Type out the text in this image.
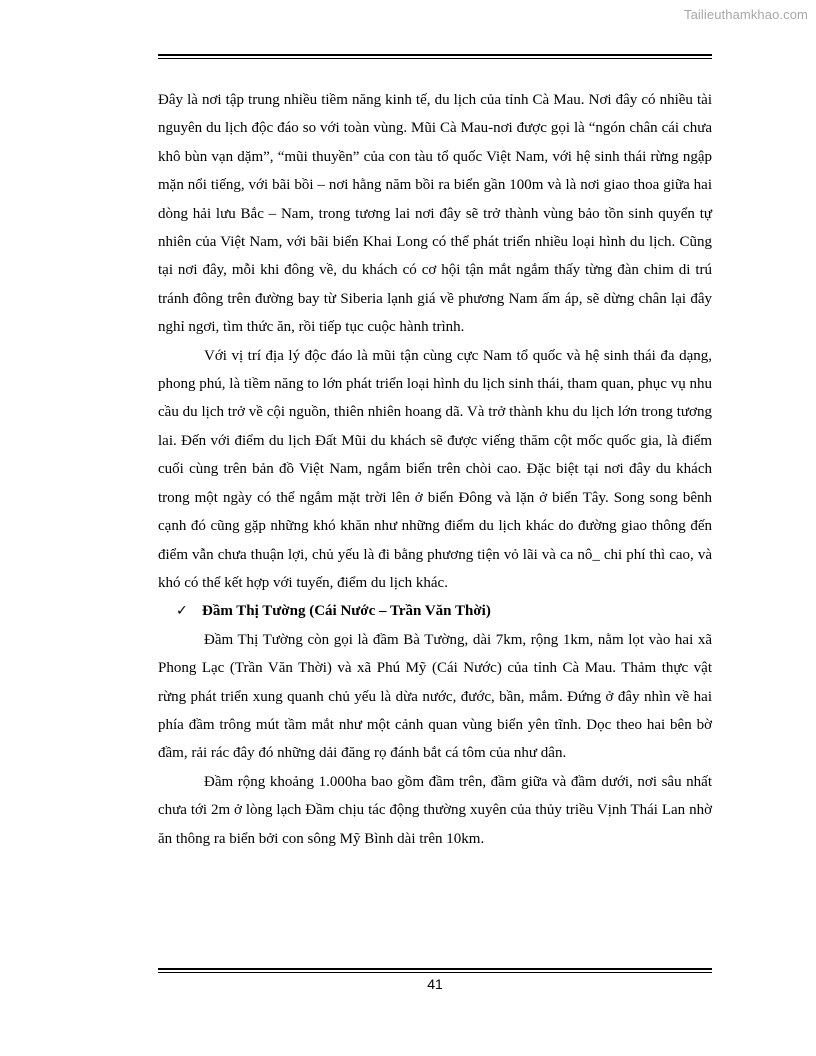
Tailieuthamkhao.com

Đây là nơi tập trung nhiều tiềm năng kinh tế, du lịch của tỉnh Cà Mau. Nơi đây có nhiều tài nguyên du lịch độc đáo so với toàn vùng. Mũi Cà Mau-nơi được gọi là “ngón chân cái chưa khô bùn vạn dặm”, “mũi thuyền” của con tàu tổ quốc Việt Nam, với hệ sinh thái rừng ngập mặn nổi tiếng, với bãi bồi – nơi hằng năm bồi ra biển gần 100m và là nơi giao thoa giữa hai dòng hải lưu Bắc – Nam, trong tương lai nơi đây sẽ trở thành vùng bảo tồn sinh quyển tự nhiên của Việt Nam, với bãi biển Khai Long có thể phát triển nhiều loại hình du lịch. Cũng tại nơi đây, mỗi khi đông về, du khách có cơ hội tận mắt ngắm thấy từng đàn chim di trú tránh đông trên đường bay từ Siberia lạnh giá về phương Nam ấm áp, sẽ dừng chân lại đây nghỉ ngơi, tìm thức ăn, rồi tiếp tục cuộc hành trình.

Với vị trí địa lý độc đáo là mũi tận cùng cực Nam tổ quốc và hệ sinh thái đa dạng, phong phú, là tiềm năng to lớn phát triển loại hình du lịch sinh thái, tham quan, phục vụ nhu cầu du lịch trở về cội nguồn, thiên nhiên hoang dã. Và trở thành khu du lịch lớn trong tương lai. Đến với điểm du lịch Đất Mũi du khách sẽ được viếng thăm cột mốc quốc gia, là điểm cuối cùng trên bản đồ Việt Nam, ngắm biển trên chòi cao. Đặc biệt tại nơi đây du khách trong một ngày có thể ngắm mặt trời lên ở biển Đông và lặn ở biển Tây. Song song bênh cạnh đó cũng gặp những khó khăn như những điểm du lịch khác do đường giao thông đến điểm vẫn chưa thuận lợi, chủ yếu là đi bằng phương tiện vỏ lãi và ca nô_ chi phí thì cao, và khó có thể kết hợp với tuyến, điểm du lịch khác.

✓ Đầm Thị Tường (Cái Nước – Trần Văn Thời)

Đầm Thị Tường còn gọi là đầm Bà Tường, dài 7km, rộng 1km, nằm lọt vào hai xã Phong Lạc (Trần Văn Thời) và xã Phú Mỹ (Cái Nước) của tỉnh Cà Mau. Thảm thực vật rừng phát triển xung quanh chủ yếu là dừa nước, đước, bần, mắm. Đứng ở đây nhìn về hai phía đầm trông mút tầm mắt như một cảnh quan vùng biển yên tĩnh. Dọc theo hai bên bờ đầm, rải rác đây đó những dải đăng rọ đánh bắt cá tôm của như dân.

Đầm rộng khoảng 1.000ha bao gồm đầm trên, đầm giữa và đầm dưới, nơi sâu nhất chưa tới 2m ở lòng lạch Đầm chịu tác động thường xuyên của thủy triều Vịnh Thái Lan nhờ ăn thông ra biển bởi con sông Mỹ Bình dài trên 10km.

41
